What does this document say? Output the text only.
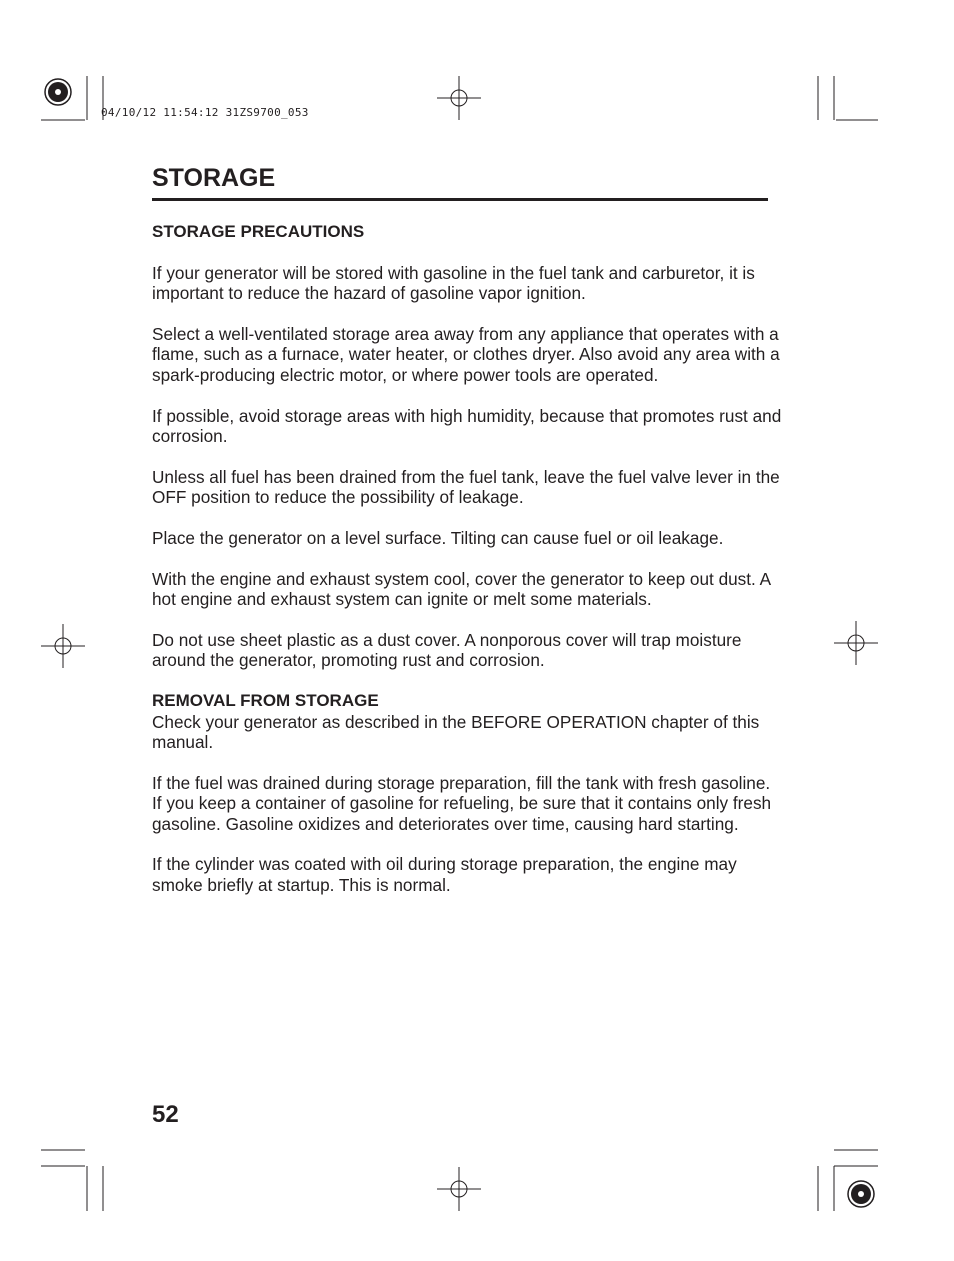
04/10/12 11:54:12 31ZS9700_053
STORAGE
STORAGE PRECAUTIONS

If your generator will be stored with gasoline in the fuel tank and carburetor, it is important to reduce the hazard of gasoline vapor ignition.

Select a well-ventilated storage area away from any appliance that operates with a flame, such as a furnace, water heater, or clothes dryer. Also avoid any area with a spark-producing electric motor, or where power tools are operated.

If possible, avoid storage areas with high humidity, because that promotes rust and corrosion.

Unless all fuel has been drained from the fuel tank, leave the fuel valve lever in the OFF position to reduce the possibility of leakage.

Place the generator on a level surface. Tilting can cause fuel or oil leakage.

With the engine and exhaust system cool, cover the generator to keep out dust. A hot engine and exhaust system can ignite or melt some materials.

Do not use sheet plastic as a dust cover. A nonporous cover will trap moisture around the generator, promoting rust and corrosion.

REMOVAL FROM STORAGE

Check your generator as described in the BEFORE OPERATION chapter of this manual.

If the fuel was drained during storage preparation, fill the tank with fresh gasoline. If you keep a container of gasoline for refueling, be sure that it contains only fresh gasoline. Gasoline oxidizes and deteriorates over time, causing hard starting.

If the cylinder was coated with oil during storage preparation, the engine may smoke briefly at startup. This is normal.

52
